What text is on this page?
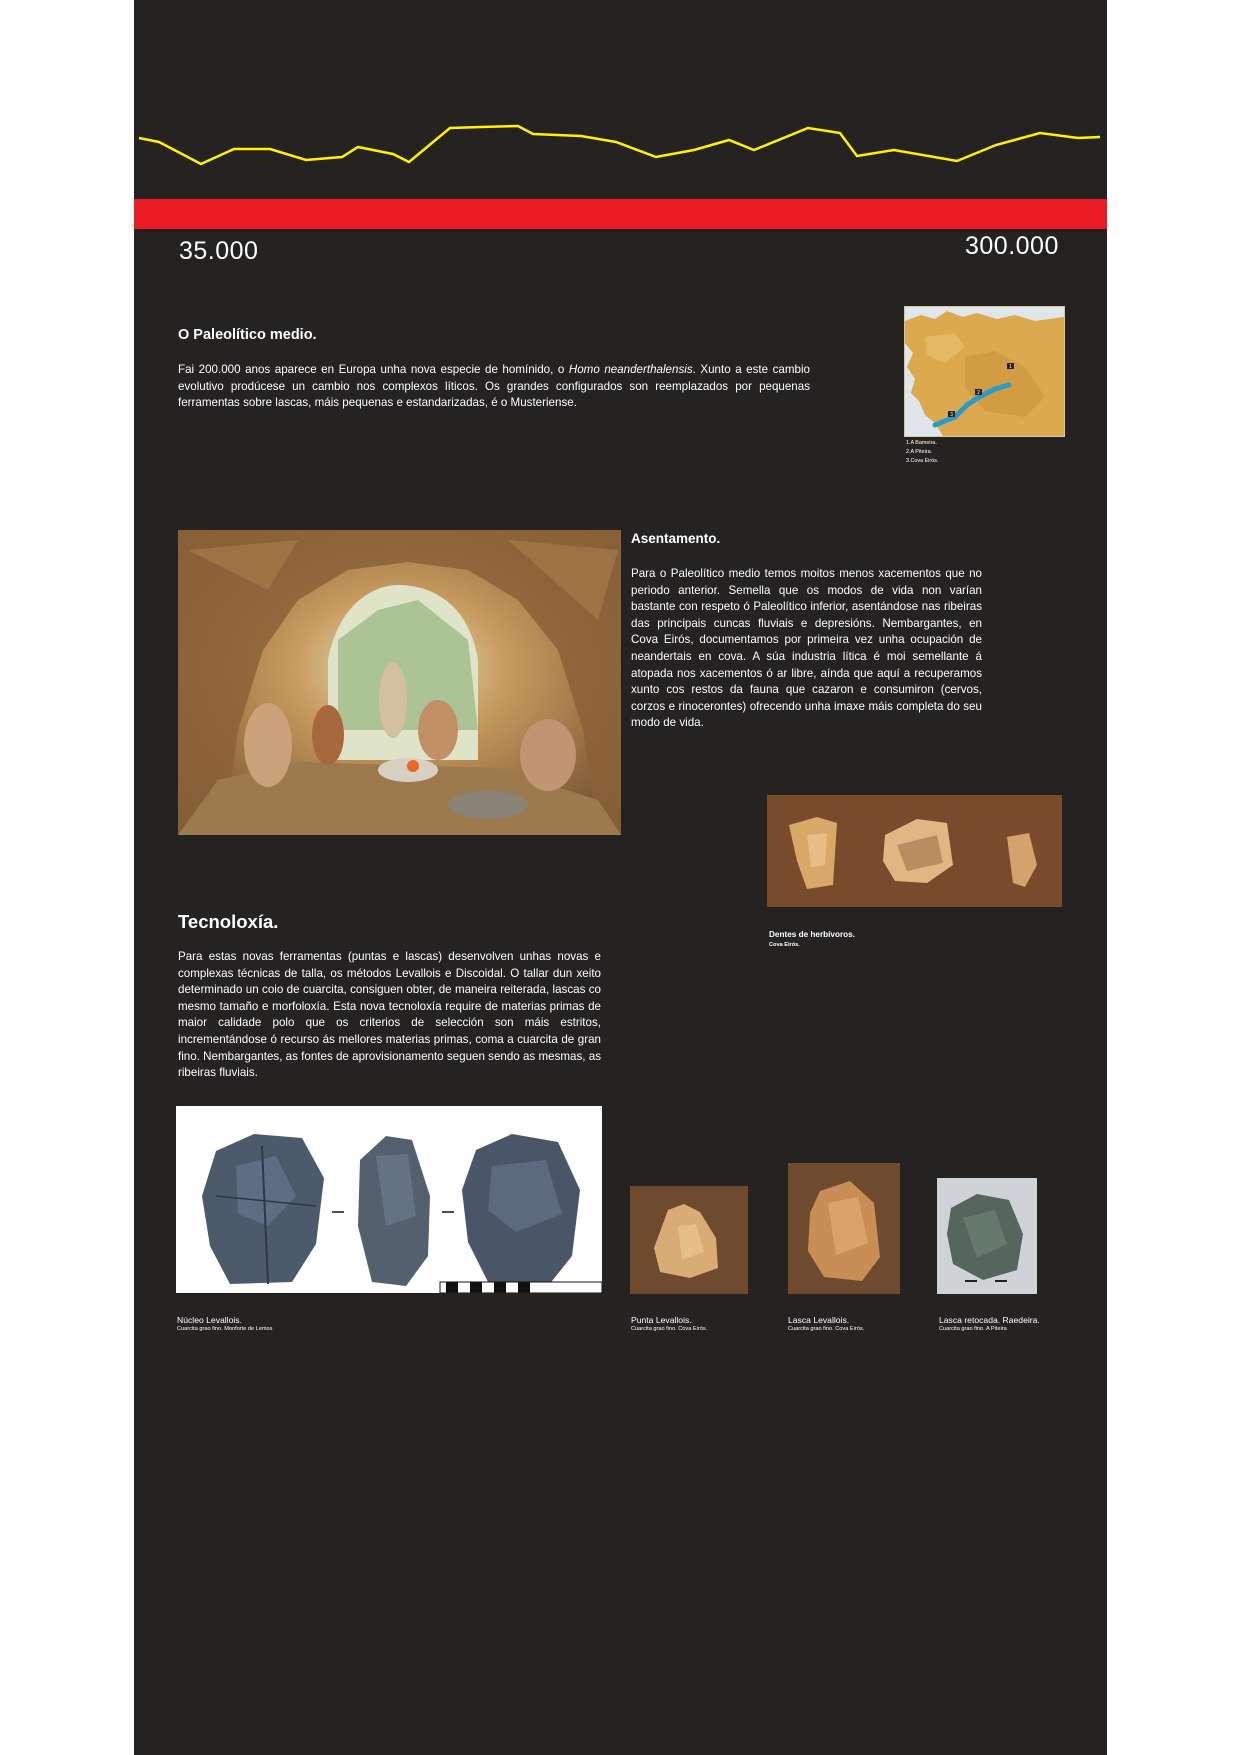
35.000	300.000
O Paleolítico medio.

Fai 200.000 anos aparece en Europa unha nova especie de homínido, o Homo neanderthalensis. Xunto a este cambio evolutivo prodúcese un cambio nos complexos líticos. Os grandes configurados son reemplazados por pequenas ferramentas sobre lascas, máis pequenas e estandarizadas, é o Musteriense.

1
2
3
1.A Bameira.
2.A Piteira.
3.Cova Eirós.
Asentamento.

Para o Paleolítico medio temos moitos menos xacementos que no periodo anterior. Semella que os modos de vida non varían bastante con respeto ó Paleolítico inferior, asentándose nas ribeiras das principais cuncas fluviais e depresións. Nembargantes, en Cova Eirós, documentamos por primeira vez unha ocupación de neandertais en cova. A súa industria lítica é moi semellante á atopada nos xacementos ó ar libre, aínda que aquí a recuperamos xunto cos restos da fauna que cazaron e consumiron (cervos, corzos e rinocerontes) ofrecendo unha imaxe máis completa do seu modo de vida.

Dentes de herbívoros.
Cova Eirós.
Tecnoloxía.

Para estas novas ferramentas (puntas e lascas) desenvolven unhas novas e complexas técnicas de talla, os métodos Levallois e Discoidal. O tallar dun xeito determinado un coio de cuarcita, consiguen obter, de maneira reiterada, lascas co mesmo tamaño e morfoloxía. Esta nova tecnoloxía require de materias primas de maior calidade polo que os criterios de selección son máis estritos, incrementándose ó recurso ás mellores materias primas, coma a cuarcita de gran fino. Nembargantes, as fontes de aprovisionamento seguen sendo as mesmas, as ribeiras fluviais.

Núcleo Levallois.
Cuarcita grao fino. Monforte de Lemos
Punta Levallois.
Cuarcita grao fino. Cova Eirós.
Lasca Levallois.
Cuarcita grao fino. Cova Eirós.
Lasca retocada. Raedeira.
Cuarcita grao fino. A Piteira
